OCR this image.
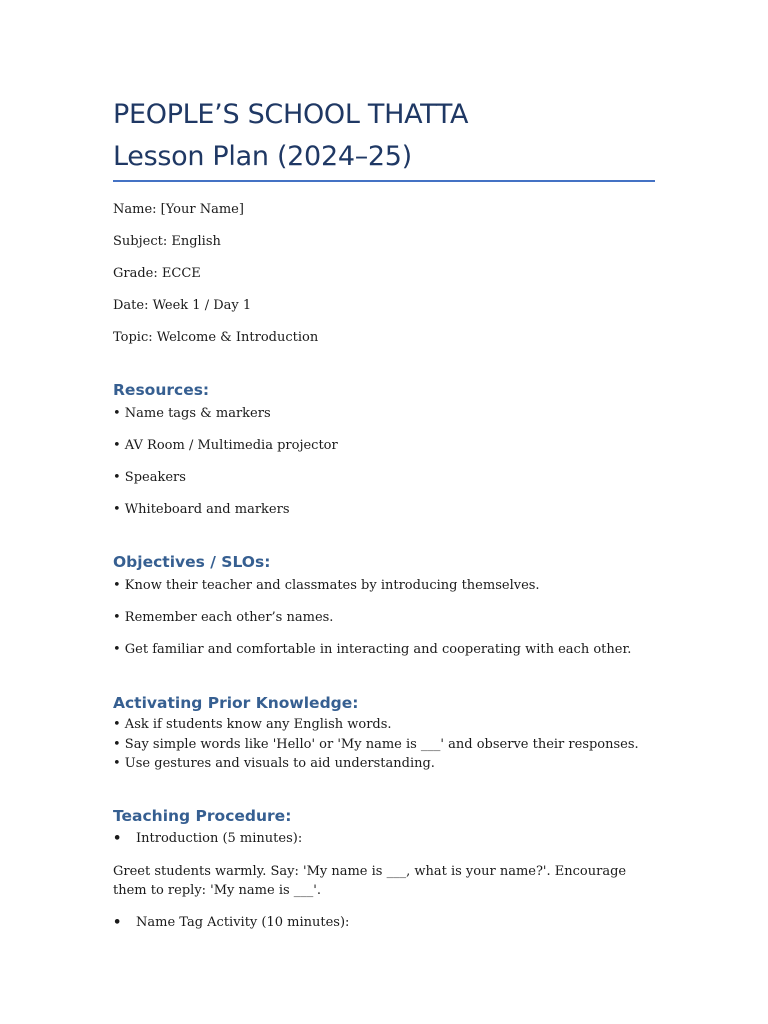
PEOPLE’S SCHOOL THATTA
Lesson Plan (2024–25)
Name: [Your Name]
Subject: English
Grade: ECCE
Date: Week 1 / Day 1
Topic: Welcome & Introduction
Resources:
• Name tags & markers
• AV Room / Multimedia projector
• Speakers
• Whiteboard and markers
Objectives / SLOs:
• Know their teacher and classmates by introducing themselves.
• Remember each other’s names.
• Get familiar and comfortable in interacting and cooperating with each other.
Activating Prior Knowledge:
• Ask if students know any English words.
• Say simple words like 'Hello' or 'My name is ___' and observe their responses.
• Use gestures and visuals to aid understanding.
Teaching Procedure:
• Introduction (5 minutes):
Greet students warmly. Say: 'My name is ___, what is your name?'. Encourage them to reply: 'My name is ___'.
• Name Tag Activity (10 minutes):
